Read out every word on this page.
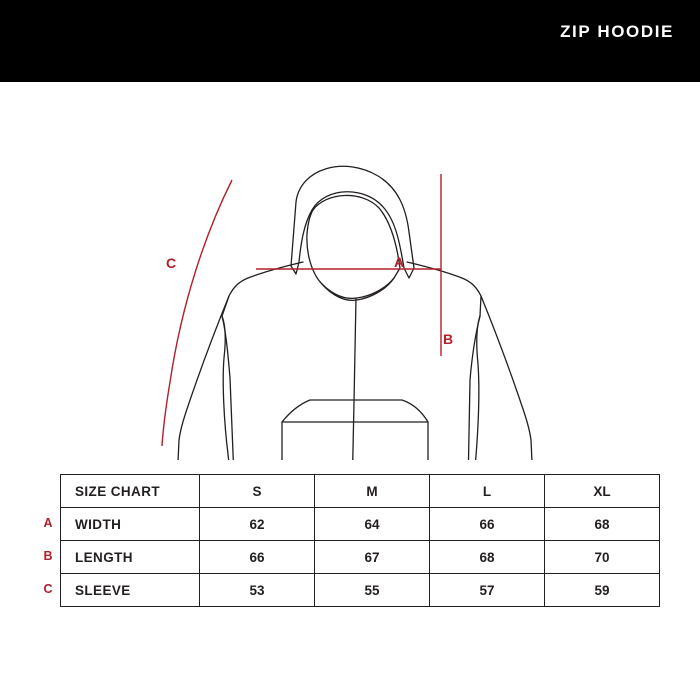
ZIP HOODIE
A
B
C
A
B
C
SIZE CHART	S	M	L	XL
WIDTH	62	64	66	68
LENGTH	66	67	68	70
SLEEVE	53	55	57	59
